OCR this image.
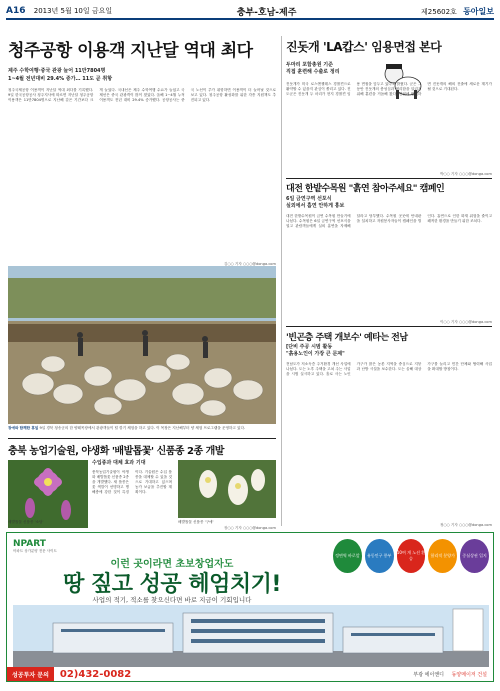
A16 2013년 5월 10일 금요일	충부-호남-제주	제25602호 동아일보
청주공항 이용객 지난달 역대 최다
제주 수학여행·중국 관광 늘어 11만7804명
1~4월 전년대비 29.4% 증가… 11도 곧 취항
청주국제공항 이용객이 지난달 역대 최다를 기록했다. 9일 한국공항공사 청주지사에 따르면 지난달 청주공항 이용객은 11만7804명으로 지난해 같은 기간보다 크게 늘었다. 국내선은 제주 수학여행 수요가 늘었고 국제선은 중국 관광객이 많이 찾았다. 올해 1~4월 누적 이용객도 전년 대비 29.4% 증가했다. 공항공사는 중국 노선이 추가 취항하면 이용객이 더 늘어날 것으로 보고 있다. 청주공항 활성화를 위한 각종 지원책도 추진되고 있다.
장애와 함께한 휴일 9일 경북 청송군의 한 양떼목장에서 관광객들이 털 깎기 체험을 하고 있다. 이 목장은 지난해부터 양 체험 프로그램을 운영하고 있다.
충북 농업기술원, 야생화 '배발톱꽃' 신품종 2종 개발
수입종과 대체 효과 기대
충북농업기술원이 야생화 배발톱꽃 신품종 2종을 개발했다. 새 품종은 꽃 색깔이 선명하고 병해충에 강한 것이 특징이다. 기술원은 수입 품종을 대체할 수 있을 것으로 기대하고 있으며 농가 보급을 추진할 계획이다.
매발톱꽃 신품종 '소담'	배발톱꽃 신품종 '구애'
진돗개 'LA캅스' 임용면접 본다
두마리 포함총원 기준
직접 훈련해 수출로 정리
진돗개가 미국 로스앤젤레스 경찰견으로 활약할 수 있을지 관심이 쏠리고 있다. 진도군은 진돗개 두 마리가 현지 경찰견 임용 면접을 앞두고 있다고 밝혔다. 군은 그동안 진돗개의 충성심과 영리함을 알리기 위해 훈련을 거듭해 왔다. 면접에 합격하면 진돗개의 해외 진출에 새로운 계기가 될 것으로 기대된다.
대전 한밭수목원 "흙연 참아주세요" 캠페인
6일 금연구역 선포식
실외에서 흡연 안하게 홍보
대전 한밭수목원이 금연 수목원 만들기에 나섰다. 수목원은 6일 금연구역 선포식을 열고 관람객들에게 실외 흡연을 자제해 달라고 당부했다. 수목원 곳곳에 안내판을 설치하고 자원봉사자들이 캠페인을 벌인다. 흡연으로 인한 화재 위험을 줄이고 쾌적한 환경을 만들기 위한 조치다.
'빈곤층 주택 개보수' 예타는 전남
[단비 주공 시범 활동
"흙용노인이 가장 큰 문제"
전남도가 저소득층 주거환경 개선 사업에 나섰다. 도는 노후 주택을 고쳐 주는 사업을 시범 실시하고 있다. 홀로 사는 노인 가구가 많은 농촌 지역을 중심으로 지붕과 난방 시설을 보수한다. 도는 올해 대상 가구를 늘리고 민간 단체와 협력해 사업을 확대할 방침이다.
김○○ 기자 ○○○@donga.com
박○○ 기자 ○○○@donga.com
이○○ 기자 ○○○@donga.com
장○○ 기자 ○○○@donga.com
정○○ 기자 ○○○@donga.com
NPART
아파트 상가분양 전문 사이트
이런 곳이라면 초보창업자도
땅 짚고 성공 헤엄치기!
사업의 적기, 적소를 찾으신다면 바로 지금이 기회입니다
정면역 바로앞	유동인구 풍부
10여 개 노선 환승
합리적 분양가	중심상권 입지
성공투자 문의	02)432-0082	부광 에이앤디 동양메이저 건설
